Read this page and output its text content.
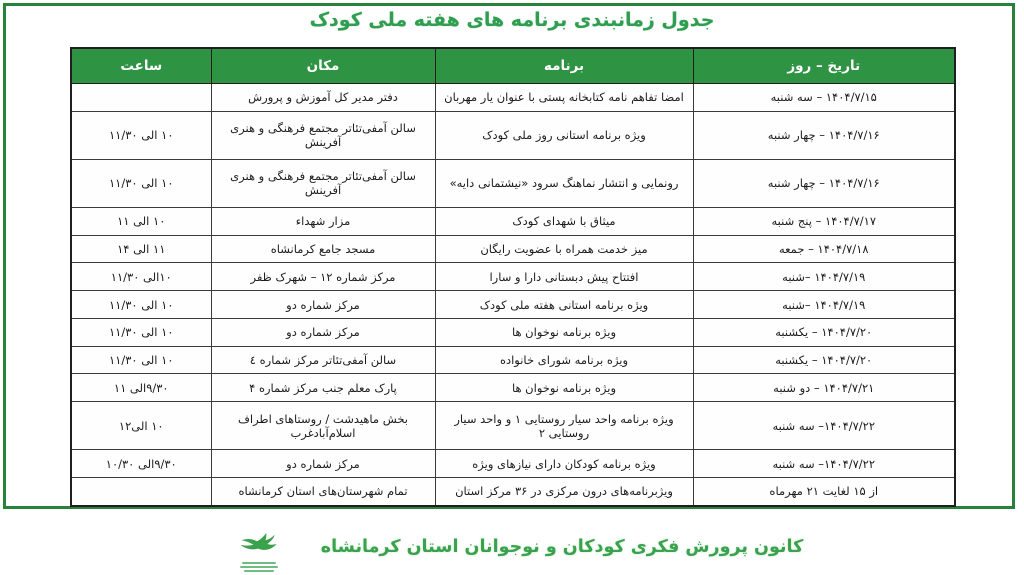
جدول زمانبندی برنامه های هفته ملی کودک
تاریخ – روز	برنامه	مکان	ساعت
۱۴۰۴/۷/۱۵ – سه شنبه	امضا تفاهم نامه کتابخانه پستی با عنوان یار مهربان	دفتر مدیر کل آموزش و پرورش	
۱۴۰۴/۷/۱۶ – چهار شنبه	ویژه برنامه استانی روز ملی کودک	سالن آمفی‌تئاتر مجتمع فرهنگی و هنری آفرینش	۱۰ الی ۱۱/۳۰
۱۴۰۴/۷/۱۶ – چهار شنبه	رونمایی و انتشار نماهنگ سرود «نیشتمانی دایه»	سالن آمفی‌تئاتر مجتمع فرهنگی و هنری آفرینش	۱۰ الی ۱۱/۳۰
۱۴۰۴/۷/۱۷ – پنج شنبه	میثاق با شهدای کودک	مزار شهداء	۱۰ الی ۱۱
۱۴۰۴/۷/۱۸ – جمعه	میز خدمت همراه با عضویت رایگان	مسجد جامع کرمانشاه	۱۱ الی ۱۴
۱۴۰۴/۷/۱۹ –شنبه	افتتاح پیش دبستانی دارا و سارا	مرکز شماره ۱۲ – شهرک ظفر	۱۰الی ۱۱/۳۰
۱۴۰۴/۷/۱۹ –شنبه	ویژه برنامه استانی هفته ملی کودک	مرکز شماره دو	۱۰ الی ۱۱/۳۰
۱۴۰۴/۷/۲۰ – یکشنبه	ویژه برنامه نوخوان ها	مرکز شماره دو	۱۰ الی ۱۱/۳۰
۱۴۰۴/۷/۲۰ – یکشنبه	ویژه برنامه شورای خانواده	سالن آمفی‌تئاتر مرکز شماره ٤	۱۰ الی ۱۱/۳۰
۱۴۰۴/۷/۲۱ – دو شنبه	ویژه برنامه نوخوان ها	پارک معلم جنب مرکز شماره ۴	۹/۳۰الی ۱۱
۱۴۰۴/۷/۲۲– سه شنبه	ویژه برنامه واحد سیار روستایی ۱ و واحد سیار روستایی ۲	بخش ماهیدشت / روستاهای اطراف اسلام‌آبادغرب	۱۰ الی۱۲
۱۴۰۴/۷/۲۲– سه شنبه	ویژه برنامه کودکان دارای نیازهای ویژه	مرکز شماره دو	۹/۳۰الی ۱۰/۳۰
از ۱۵ لغایت ۲۱ مهرماه	ویژبرنامه‌های درون مرکزی در ۳۶ مرکز استان	تمام شهرستان‌های استان کرمانشاه	
کانون پرورش فکری کودکان و نوجوانان استان کرمانشاه
